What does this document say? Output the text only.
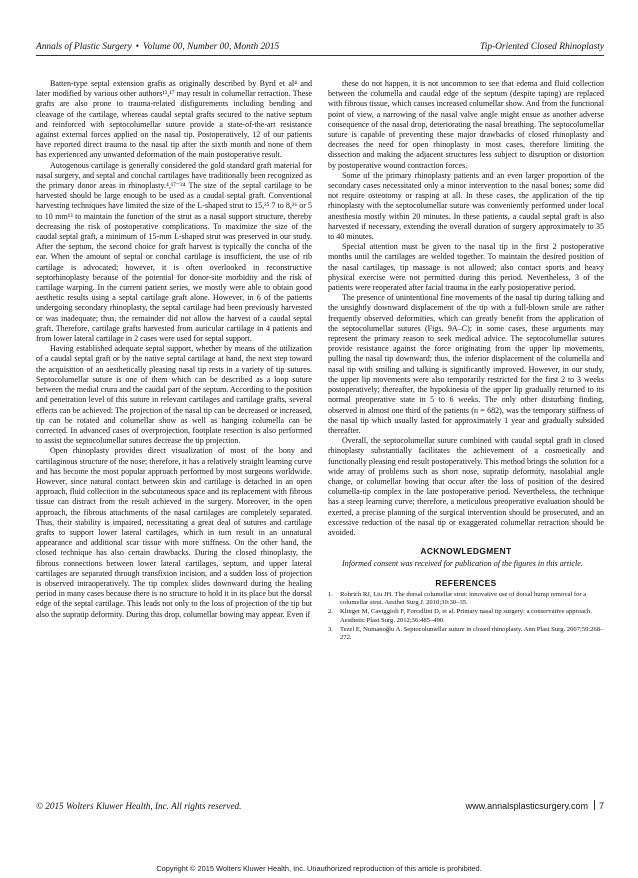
Annals of Plastic Surgery • Volume 00, Number 00, Month 2015	Tip-Oriented Closed Rhinoplasty

Batten-type septal extension grafts as originally described by Byrd et al⁴ and later modified by various other authors¹³,¹⁷ may result in columellar retraction. These grafts are also prone to trauma-related disfigurements including bending and cleavage of the cartilage, whereas caudal septal grafts secured to the native septum and reinforced with septocolumellar suture provide a state-of-the-art resistance against external forces applied on the nasal tip. Postoperatively, 12 of our patients have reported direct trauma to the nasal tip after the sixth month and none of them has experienced any unwanted deformation of the main postoperative result.

Autogenous cartilage is generally considered the gold standard graft material for nasal surgery, and septal and conchal cartilages have traditionally been recognized as the primary donor areas in rhinoplasty.⁴,¹⁷⁻²⁴ The size of the septal cartilage to be harvested should be large enough to be used as a caudal septal graft. Conventional harvesting techniques have limited the size of the L-shaped strut to 15,²⁵ 7 to 8,²⁶ or 5 to 10 mm¹³ to maintain the function of the strut as a nasal support structure, thereby decreasing the risk of postoperative complications. To maximize the size of the caudal septal graft, a minimum of 15-mm L-shaped strut was preserved in our study. After the septum, the second choice for graft harvest is typically the concha of the ear. When the amount of septal or conchal cartilage is insufficient, the use of rib cartilage is advocated; however, it is often overlooked in reconstructive septorhinoplasty because of the potential for donor-site morbidity and the risk of cartilage warping. In the current patient series, we mostly were able to obtain good aesthetic results using a septal cartilage graft alone. However, in 6 of the patients undergoing secondary rhinoplasty, the septal cartilage had been previously harvested or was inadequate; thus, the remainder did not allow the harvest of a caudal septal graft. Therefore, cartilage grafts harvested from auricular cartilage in 4 patients and from lower lateral cartilage in 2 cases were used for septal support.

Having established adequate septal support, whether by means of the utilization of a caudal septal graft or by the native septal cartilage at hand, the next step toward the acquisition of an aesthetically pleasing nasal tip rests in a variety of tip sutures. Septocolumellar suture is one of them which can be described as a loop suture between the medial crura and the caudal part of the septum. According to the position and penetration level of this suture in relevant cartilages and cartilage grafts, several effects can be achieved: The projection of the nasal tip can be decreased or increased, tip can be rotated and columellar show as well as hanging columella can be corrected. In advanced cases of overprojection, footplate resection is also performed to assist the septocolumellar sutures decrease the tip projection.

Open rhinoplasty provides direct visualization of most of the bony and cartilaginous structure of the nose; therefore, it has a relatively straight learning curve and has become the most popular approach performed by most surgeons worldwide. However, since natural contact between skin and cartilage is detached in an open approach, fluid collection in the subcutaneous space and its replacement with fibrous tissue can distract from the result achieved in the surgery. Moreover, in the open approach, the fibrous attachments of the nasal cartilages are completely separated. Thus, their stability is impaired, necessitating a great deal of sutures and cartilage grafts to support lower lateral cartilages, which in turn result in an unnatural appearance and additional scar tissue with more stiffness. On the other hand, the closed technique has also certain drawbacks. During the closed rhinoplasty, the fibrous connections between lower lateral cartilages, septum, and upper lateral cartilages are separated through transfixion incision, and a sudden loss of projection is observed intraoperatively. The tip complex slides downward during the healing period in many cases because there is no structure to hold it in its place but the dorsal edge of the septal cartilage. This leads not only to the loss of projection of the tip but also the supratip deformity. During this drop, columellar bowing may appear. Even if

these do not happen, it is not uncommon to see that edema and fluid collection between the columella and caudal edge of the septum (despite taping) are replaced with fibrous tissue, which causes increased columellar show. And from the functional point of view, a narrowing of the nasal valve angle might ensue as another adverse consequence of the nasal drop, deteriorating the nasal breathing. The septocolumellar suture is capable of preventing these major drawbacks of closed rhinoplasty and decreases the need for open rhinoplasty in most cases, therefore limiting the dissection and making the adjacent structures less subject to disruption or distortion by postoperative wound contraction forces.

Some of the primary rhinoplasty patients and an even larger proportion of the secondary cases necessitated only a minor intervention to the nasal bones; some did not require osteotomy or rasping at all. In these cases, the application of the tip rhinoplasty with the septocolumellar suture was conveniently performed under local anesthesia mostly within 20 minutes. In these patients, a caudal septal graft is also harvested if necessary, extending the overall duration of surgery approximately to 35 to 40 minutes.

Special attention must be given to the nasal tip in the first 2 postoperative months until the cartilages are welded together. To maintain the desired position of the nasal cartilages, tip massage is not allowed; also contact sports and heavy physical exercise were not permitted during this period. Nevertheless, 3 of the patients were reoperated after facial trauma in the early postoperative period.

The presence of unintentional fine movements of the nasal tip during talking and the unsightly downward displacement of the tip with a full-blown smile are rather frequently observed deformities, which can greatly benefit from the application of the septocolumellar sutures (Figs. 9A–C); in some cases, these arguments may represent the primary reason to seek medical advice. The septocolumellar sutures provide resistance against the force originating from the upper lip movements, pulling the nasal tip downward; thus, the inferior displacement of the columella and nasal tip with smiling and talking is significantly improved. However, in our study, the upper lip movements were also temporarily restricted for the first 2 to 3 weeks postoperatively; thereafter, the hypokinesia of the upper lip gradually returned to its normal preoperative state in 5 to 6 weeks. The only other disturbing finding, observed in almost one third of the patients (n = 682), was the temporary stiffness of the nasal tip which usually lasted for approximately 1 year and gradually subsided thereafter.

Overall, the septocolumellar suture combined with caudal septal graft in closed rhinoplasty substantially facilitates the achievement of a cosmetically and functionally pleasing end result postoperatively. This method brings the solution for a wide array of problems such as short nose, supratip deformity, nasolabial angle change, or columellar bowing that occur after the loss of position of the desired columella-tip complex in the late postoperative period. Nevertheless, the technique has a steep learning curve; therefore, a meticulous preoperative evaluation should be exerted, a precise planning of the surgical intervention should be prosecuted, and an excessive reduction of the nasal tip or exaggerated columellar retraction should be avoided.

ACKNOWLEDGMENT

Informed consent was received for publication of the figures in this article.

REFERENCES
1. Rohrich RJ, Liu JH. The dorsal columellar strut: innovative use of dorsal hump removal for a columellar strut. Aesthet Surg J. 2010;30:30–35.
2. Klinger M, Caviggioli F, Forcellini D, et al. Primary nasal tip surgery: a conservative approach. Aesthetic Plast Surg. 2012;36:485–490.
3. Tezel E, Numanoğlu A. Septocolumellar suture in closed rhinoplasty. Ann Plast Surg. 2007;59:268–272.
© 2015 Wolters Kluwer Health, Inc. All rights reserved.	www.annalsplasticsurgery.com 7
Copyright © 2015 Wolters Kluwer Health, Inc. Unauthorized reproduction of this article is prohibited.
